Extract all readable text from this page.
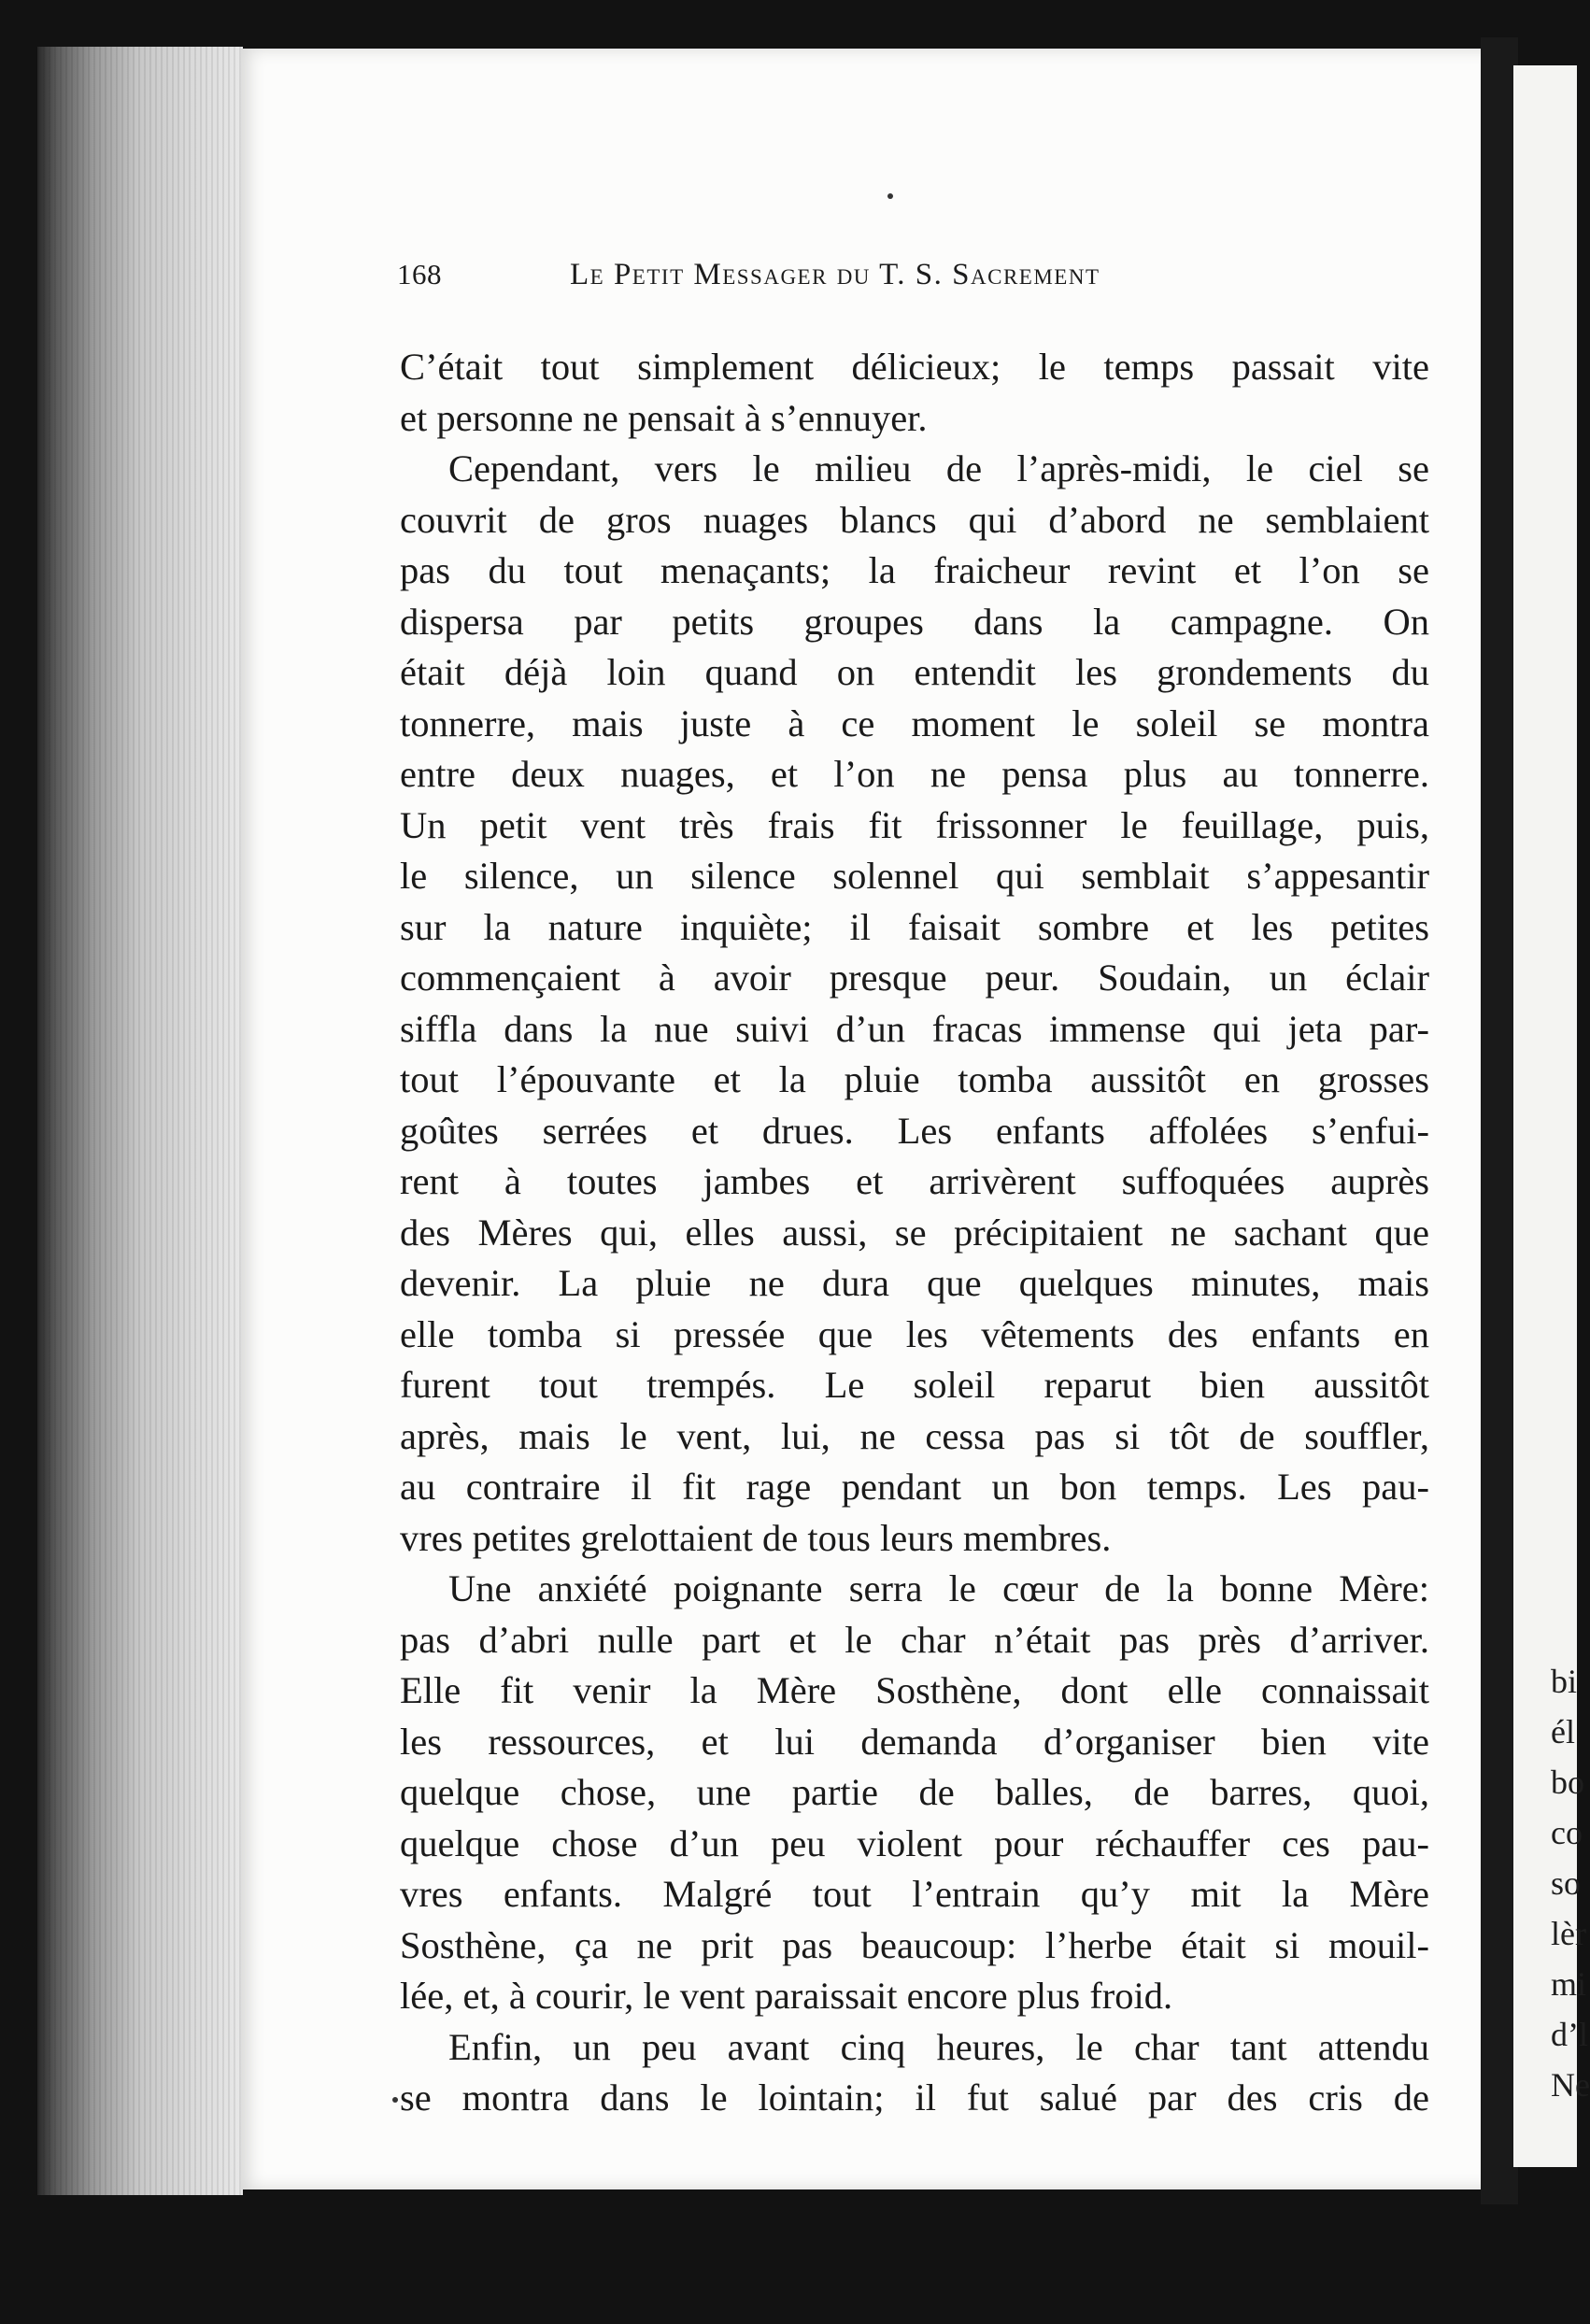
bi
él
bo
co
so
lèr
mi
d’l
Ne
168	Le Petit Messager du T. S. Sacrement
C’était tout simplement délicieux; le temps passait vite
et personne ne pensait à s’ennuyer.
Cependant, vers le milieu de l’après-midi, le ciel se
couvrit de gros nuages blancs qui d’abord ne semblaient
pas du tout menaçants; la fraicheur revint et l’on se
dispersa par petits groupes dans la campagne. On
était déjà loin quand on entendit les grondements du
tonnerre, mais juste à ce moment le soleil se montra
entre deux nuages, et l’on ne pensa plus au tonnerre.
Un petit vent très frais fit frissonner le feuillage, puis,
le silence, un silence solennel qui semblait s’appesantir
sur la nature inquiète; il faisait sombre et les petites
commençaient à avoir presque peur. Soudain, un éclair
siffla dans la nue suivi d’un fracas immense qui jeta par-
tout l’épouvante et la pluie tomba aussitôt en grosses
goûtes serrées et drues. Les enfants affolées s’enfui-
rent à toutes jambes et arrivèrent suffoquées auprès
des Mères qui, elles aussi, se précipitaient ne sachant que
devenir. La pluie ne dura que quelques minutes, mais
elle tomba si pressée que les vêtements des enfants en
furent tout trempés. Le soleil reparut bien aussitôt
après, mais le vent, lui, ne cessa pas si tôt de souffler,
au contraire il fit rage pendant un bon temps. Les pau-
vres petites grelottaient de tous leurs membres.
Une anxiété poignante serra le cœur de la bonne Mère:
pas d’abri nulle part et le char n’était pas près d’arriver.
Elle fit venir la Mère Sosthène, dont elle connaissait
les ressources, et lui demanda d’organiser bien vite
quelque chose, une partie de balles, de barres, quoi,
quelque chose d’un peu violent pour réchauffer ces pau-
vres enfants. Malgré tout l’entrain qu’y mit la Mère
Sosthène, ça ne prit pas beaucoup: l’herbe était si mouil-
lée, et, à courir, le vent paraissait encore plus froid.
Enfin, un peu avant cinq heures, le char tant attendu
se montra dans le lointain; il fut salué par des cris de
